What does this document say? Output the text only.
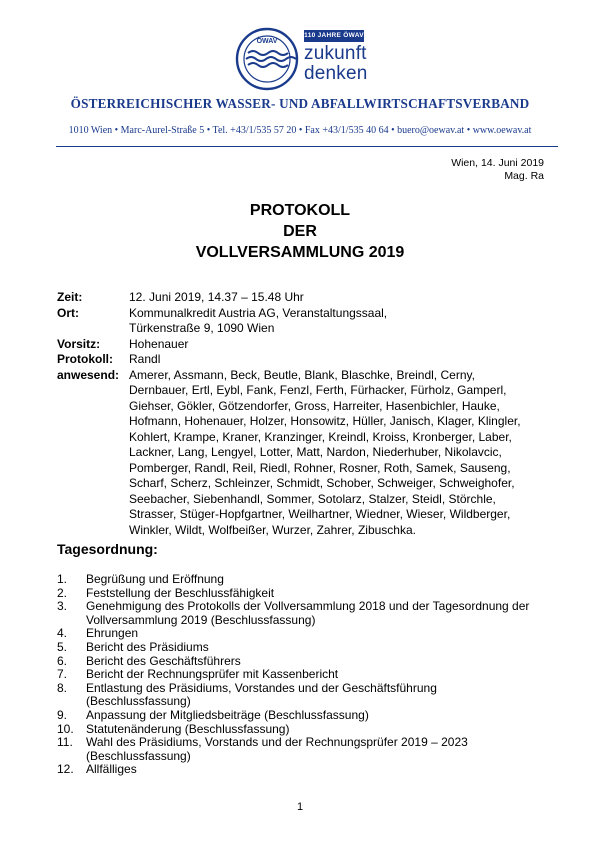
ÖWAV
110 JAHRE ÖWAV
zukunft
denken
ÖSTERREICHISCHER WASSER- UND ABFALLWIRTSCHAFTSVERBAND
1010 Wien • Marc-Aurel-Straße 5 • Tel. +43/1/535 57 20 • Fax +43/1/535 40 64 • buero@oewav.at • www.oewav.at
Wien, 14. Juni 2019
Mag. Ra
PROTOKOLL
DER
VOLLVERSAMMLUNG 2019
Zeit:	12. Juni 2019, 14.37 – 15.48 Uhr
Ort:	Kommunalkredit Austria AG, Veranstaltungssaal,
Türkenstraße 9, 1090 Wien
Vorsitz:	Hohenauer
Protokoll:	Randl
anwesend: Amerer, Assmann, Beck, Beutle, Blank, Blaschke, Breindl, Cerny,
Dernbauer, Ertl, Eybl, Fank, Fenzl, Ferth, Fürhacker, Fürholz, Gamperl,
Giehser, Gökler, Götzendorfer, Gross, Harreiter, Hasenbichler, Hauke,
Hofmann, Hohenauer, Holzer, Honsowitz, Hüller, Janisch, Klager, Klingler,
Kohlert, Krampe, Kraner, Kranzinger, Kreindl, Kroiss, Kronberger, Laber,
Lackner, Lang, Lengyel, Lotter, Matt, Nardon, Niederhuber, Nikolavcic,
Pomberger, Randl, Reil, Riedl, Rohner, Rosner, Roth, Samek, Sauseng,
Scharf, Scherz, Schleinzer, Schmidt, Schober, Schweiger, Schweighofer,
Seebacher, Siebenhandl, Sommer, Sotolarz, Stalzer, Steidl, Störchle,
Strasser, Stüger-Hopfgartner, Weilhartner, Wiedner, Wieser, Wildberger,
Winkler, Wildt, Wolfbeißer, Wurzer, Zahrer, Zibuschka.
Tagesordnung:
1.	Begrüßung und Eröffnung
2.	Feststellung der Beschlussfähigkeit
3.	Genehmigung des Protokolls der Vollversammlung 2018 und der Tagesordnung der
Vollversammlung 2019 (Beschlussfassung)
4.	Ehrungen
5.	Bericht des Präsidiums
6.	Bericht des Geschäftsführers
7.	Bericht der Rechnungsprüfer mit Kassenbericht
8.	Entlastung des Präsidiums, Vorstandes und der Geschäftsführung
(Beschlussfassung)
9.	Anpassung der Mitgliedsbeiträge (Beschlussfassung)
10.	Statutenänderung (Beschlussfassung)
11.	Wahl des Präsidiums, Vorstands und der Rechnungsprüfer 2019 – 2023
(Beschlussfassung)
12.	Allfälliges
1
